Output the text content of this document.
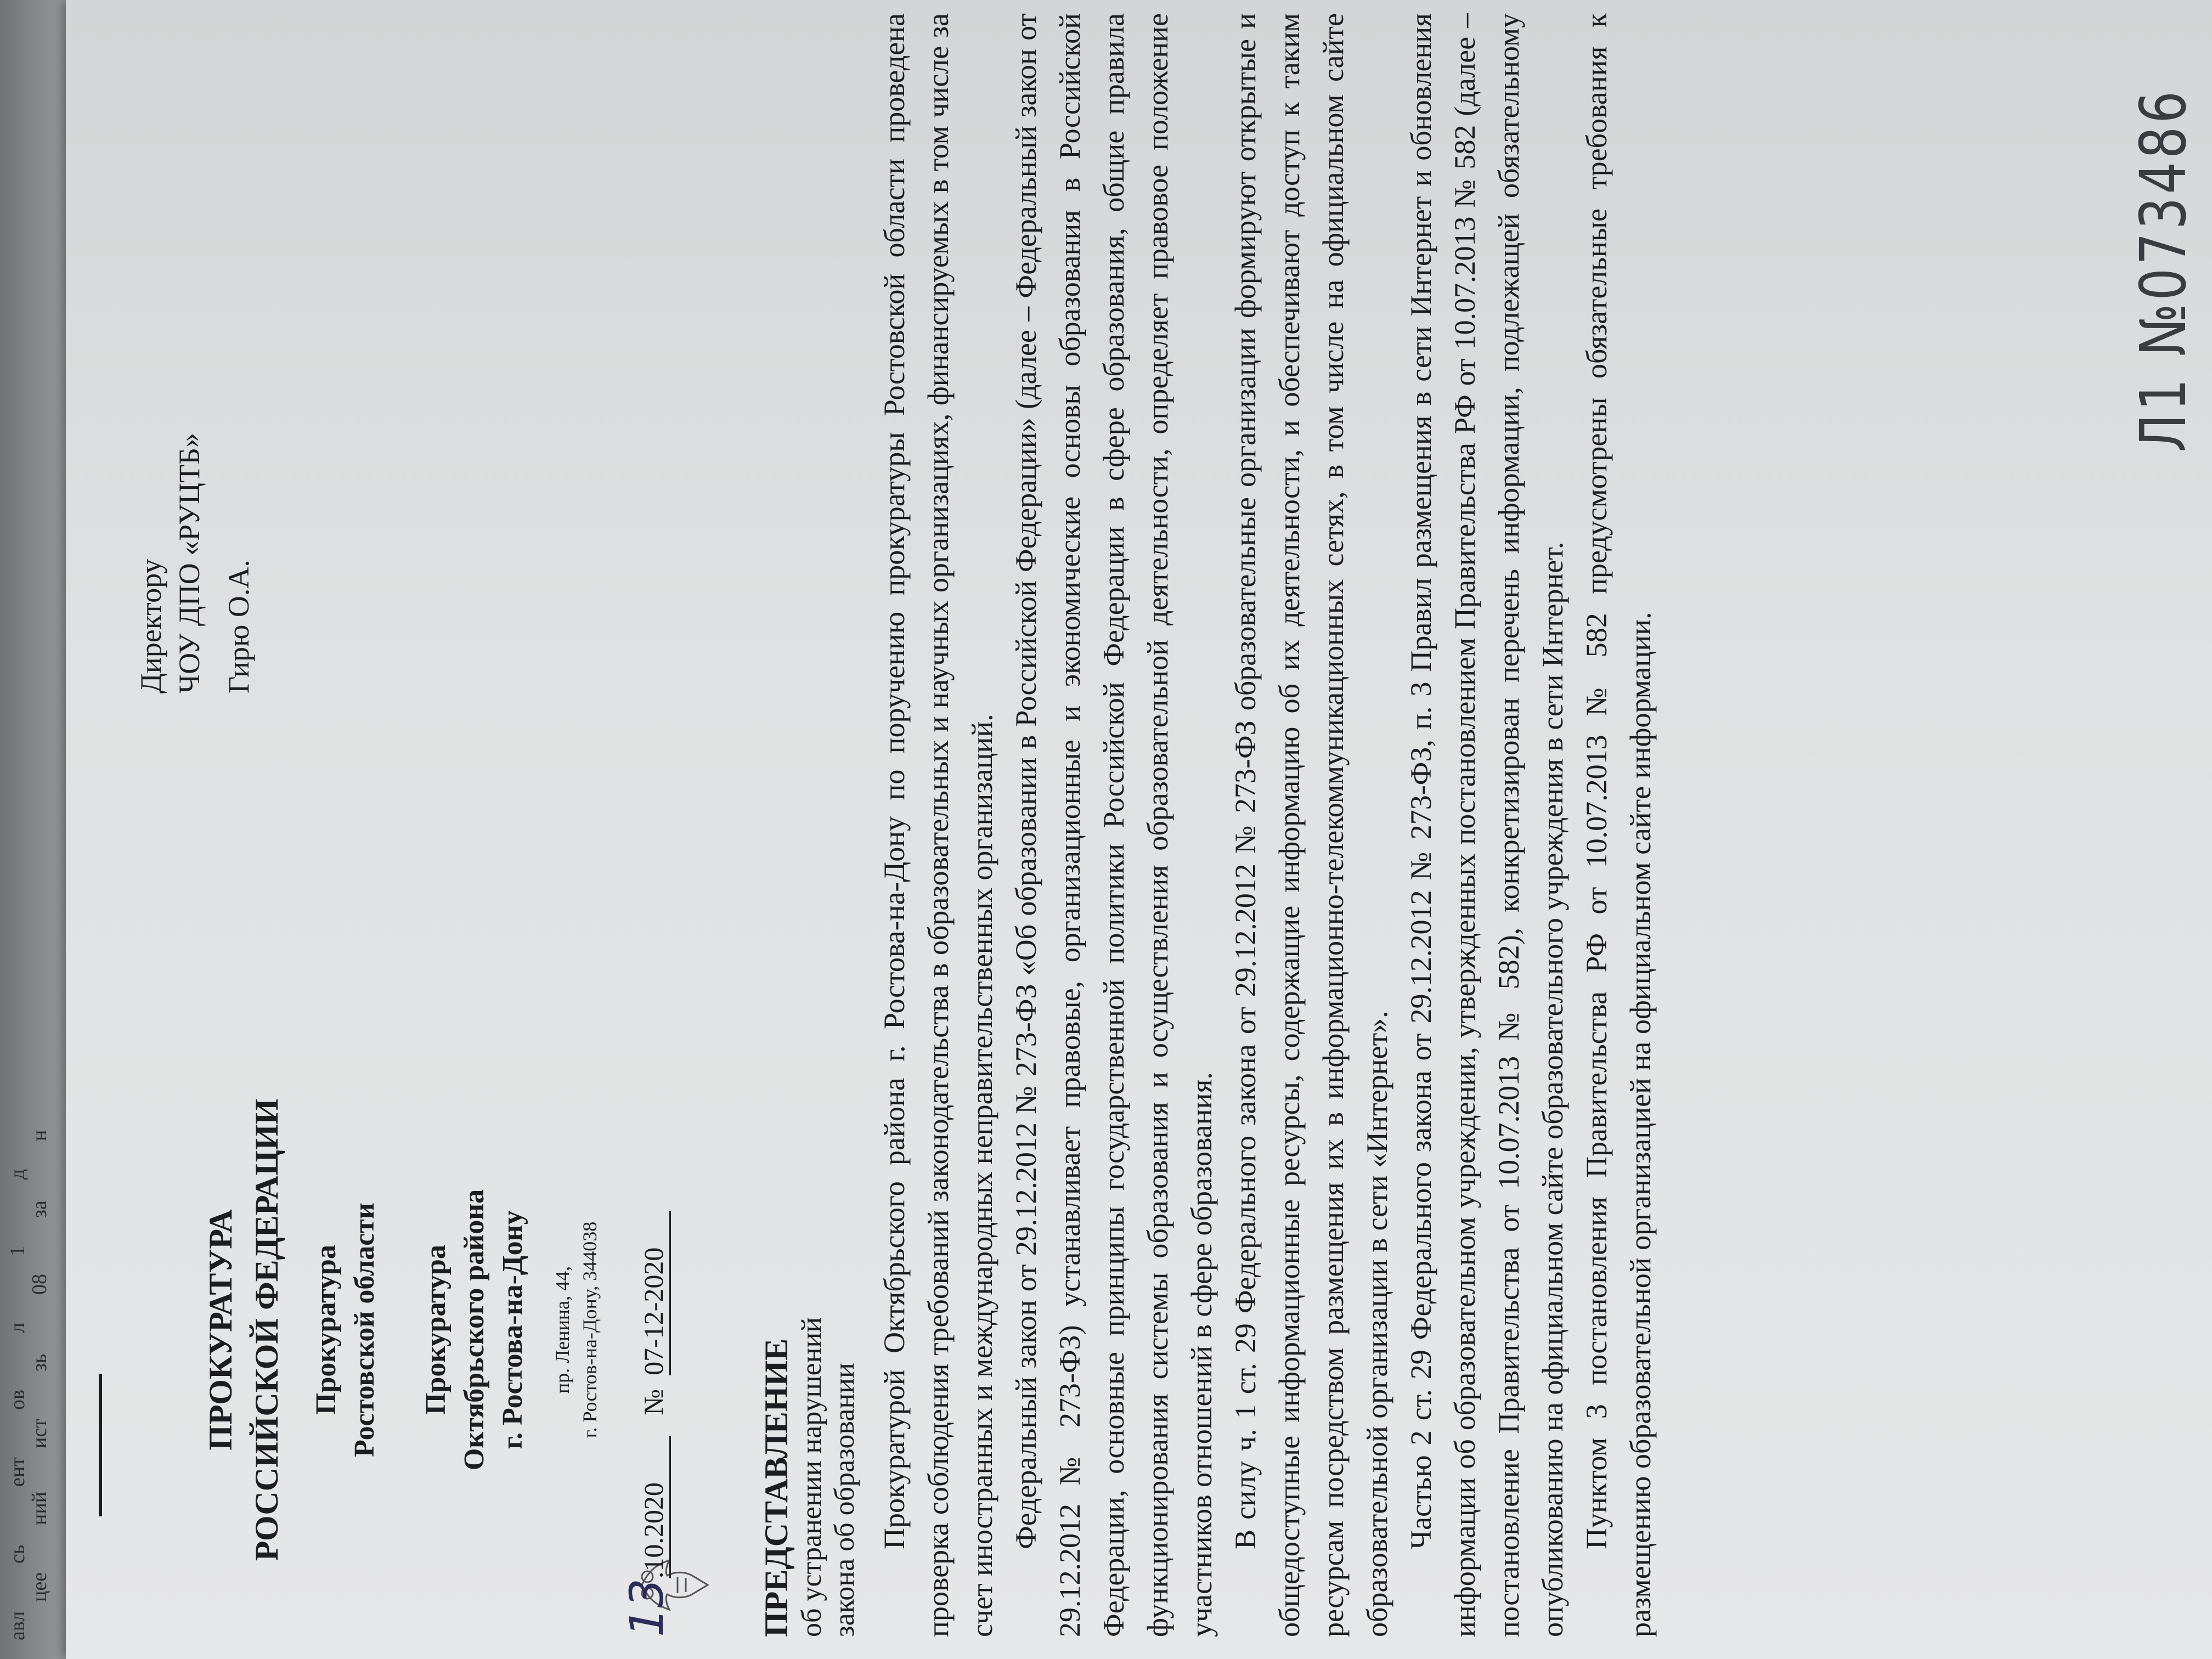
авл
цее
сь
ний
ент
ист
ов
зь
л
08
1
за
д
н
ПРОКУРАТУРА РОССИЙСКОЙ ФЕДЕРАЦИИ Прокуратура Ростовской области Прокуратура Октябрьского района г. Ростова-на-Дону пр. Ленина, 44, г. Ростов-на-Дону, 344038
13.10.2020   №  07-12-2020
Директору ЧОУ ДПО «РУЦТБ» Гирю О.А.
ПРЕДСТАВЛЕНИЕ об устранении нарушений закона об образовании Прокуратурой Октябрьского района г. Ростова-на-Дону по поручению прокуратуры Ростовской области проведена проверка соблюдения требований законодательства в образовательных и научных организациях, финансируемых в том числе за счет иностранных и международных неправительственных организаций. Федеральный закон от 29.12.2012 № 273-ФЗ «Об образовании в Российской Федерации» (далее – Федеральный закон от 29.12.2012 № 273-ФЗ) устанавливает правовые, организационные и экономические основы образования в Российской Федерации, основные принципы государственной политики Российской Федерации в сфере образования, общие правила функционирования системы образования и осуществления образовательной деятельности, определяет правовое положение участников отношений в сфере образования. В силу ч. 1 ст. 29 Федерального закона от 29.12.2012 № 273-ФЗ образовательные организации формируют открытые и общедоступные информационные ресурсы, содержащие информацию об их деятельности, и обеспечивают доступ к таким ресурсам посредством размещения их в информационно-телекоммуникационных сетях, в том числе на официальном сайте образовательной организации в сети «Интернет». Частью 2 ст. 29 Федерального закона от 29.12.2012 № 273-ФЗ, п. 3 Правил размещения в сети Интернет и обновления информации об образовательном учреждении, утвержденных постановлением Правительства РФ от 10.07.2013 № 582 (далее – постановление Правительства от 10.07.2013 № 582), конкретизирован перечень информации, подлежащей обязательному опубликованию на официальном сайте образовательного учреждения в сети Интернет. Пунктом 3 постановления Правительства РФ от 10.07.2013 № 582 предусмотрены обязательные требования к размещению образовательной организацией на официальном сайте информации.

Л1 №073486
